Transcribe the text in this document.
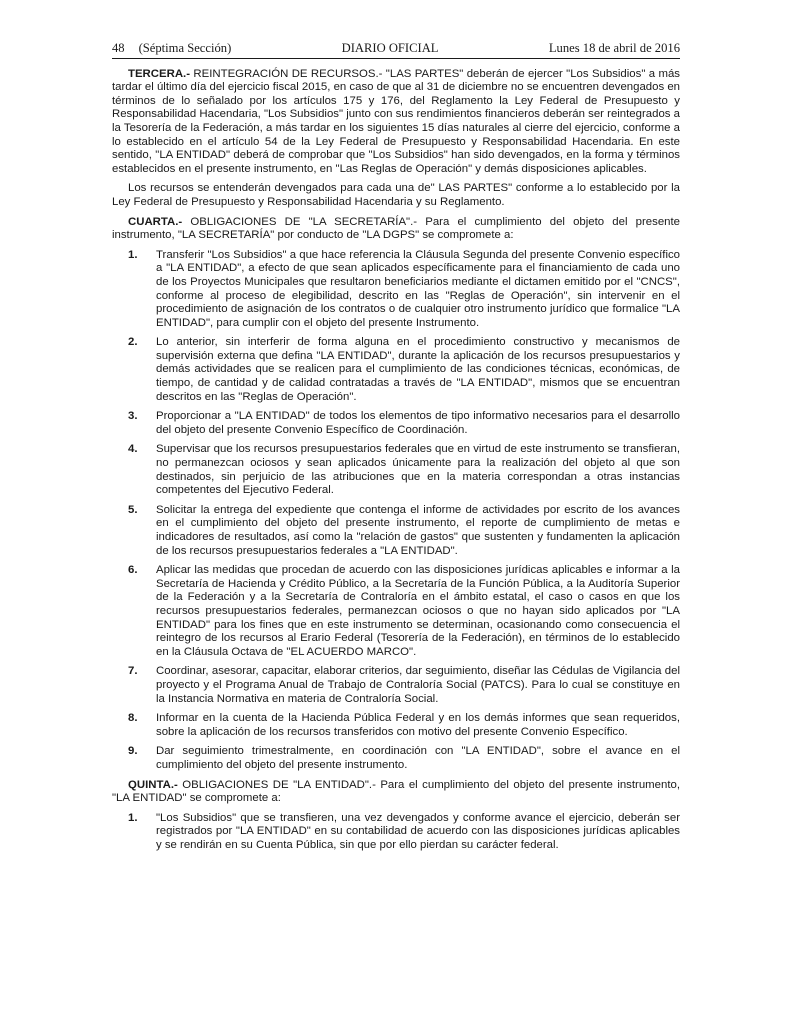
48 (Séptima Sección)	DIARIO OFICIAL	Lunes 18 de abril de 2016

TERCERA.- REINTEGRACIÓN DE RECURSOS.- "LAS PARTES" deberán de ejercer "Los Subsidios" a más tardar el último día del ejercicio fiscal 2015, en caso de que al 31 de diciembre no se encuentren devengados en términos de lo señalado por los artículos 175 y 176, del Reglamento la Ley Federal de Presupuesto y Responsabilidad Hacendaria, "Los Subsidios" junto con sus rendimientos financieros deberán ser reintegrados a la Tesorería de la Federación, a más tardar en los siguientes 15 días naturales al cierre del ejercicio, conforme a lo establecido en el artículo 54 de la Ley Federal de Presupuesto y Responsabilidad Hacendaria. En este sentido, "LA ENTIDAD" deberá de comprobar que "Los Subsidios" han sido devengados, en la forma y términos establecidos en el presente instrumento, en "Las Reglas de Operación" y demás disposiciones aplicables.

Los recursos se entenderán devengados para cada una de" LAS PARTES" conforme a lo establecido por la Ley Federal de Presupuesto y Responsabilidad Hacendaria y su Reglamento.

CUARTA.- OBLIGACIONES DE "LA SECRETARÍA".- Para el cumplimiento del objeto del presente instrumento, "LA SECRETARÍA" por conducto de "LA DGPS" se compromete a:

1.	Transferir "Los Subsidios" a que hace referencia la Cláusula Segunda del presente Convenio específico a "LA ENTIDAD", a efecto de que sean aplicados específicamente para el financiamiento de cada uno de los Proyectos Municipales que resultaron beneficiarios mediante el dictamen emitido por el "CNCS", conforme al proceso de elegibilidad, descrito en las "Reglas de Operación", sin intervenir en el procedimiento de asignación de los contratos o de cualquier otro instrumento jurídico que formalice "LA ENTIDAD", para cumplir con el objeto del presente Instrumento.
2.	Lo anterior, sin interferir de forma alguna en el procedimiento constructivo y mecanismos de supervisión externa que defina "LA ENTIDAD", durante la aplicación de los recursos presupuestarios y demás actividades que se realicen para el cumplimiento de las condiciones técnicas, económicas, de tiempo, de cantidad y de calidad contratadas a través de "LA ENTIDAD", mismos que se encuentran descritos en las "Reglas de Operación".
3.	Proporcionar a "LA ENTIDAD" de todos los elementos de tipo informativo necesarios para el desarrollo del objeto del presente Convenio Específico de Coordinación.
4.	Supervisar que los recursos presupuestarios federales que en virtud de este instrumento se transfieran, no permanezcan ociosos y sean aplicados únicamente para la realización del objeto al que son destinados, sin perjuicio de las atribuciones que en la materia correspondan a otras instancias competentes del Ejecutivo Federal.
5.	Solicitar la entrega del expediente que contenga el informe de actividades por escrito de los avances en el cumplimiento del objeto del presente instrumento, el reporte de cumplimiento de metas e indicadores de resultados, así como la "relación de gastos" que sustenten y fundamenten la aplicación de los recursos presupuestarios federales a "LA ENTIDAD".
6.	Aplicar las medidas que procedan de acuerdo con las disposiciones jurídicas aplicables e informar a la Secretaría de Hacienda y Crédito Público, a la Secretaría de la Función Pública, a la Auditoría Superior de la Federación y a la Secretaría de Contraloría en el ámbito estatal, el caso o casos en que los recursos presupuestarios federales, permanezcan ociosos o que no hayan sido aplicados por "LA ENTIDAD" para los fines que en este instrumento se determinan, ocasionando como consecuencia el reintegro de los recursos al Erario Federal (Tesorería de la Federación), en términos de lo establecido en la Cláusula Octava de "EL ACUERDO MARCO".
7.	Coordinar, asesorar, capacitar, elaborar criterios, dar seguimiento, diseñar las Cédulas de Vigilancia del proyecto y el Programa Anual de Trabajo de Contraloría Social (PATCS). Para lo cual se constituye en la Instancia Normativa en materia de Contraloría Social.
8.	Informar en la cuenta de la Hacienda Pública Federal y en los demás informes que sean requeridos, sobre la aplicación de los recursos transferidos con motivo del presente Convenio Específico.
9.	Dar seguimiento trimestralmente, en coordinación con "LA ENTIDAD", sobre el avance en el cumplimiento del objeto del presente instrumento.

QUINTA.- OBLIGACIONES DE "LA ENTIDAD".- Para el cumplimiento del objeto del presente instrumento, "LA ENTIDAD" se compromete a:

1.	"Los Subsidios" que se transfieren, una vez devengados y conforme avance el ejercicio, deberán ser registrados por "LA ENTIDAD" en su contabilidad de acuerdo con las disposiciones jurídicas aplicables y se rendirán en su Cuenta Pública, sin que por ello pierdan su carácter federal.
